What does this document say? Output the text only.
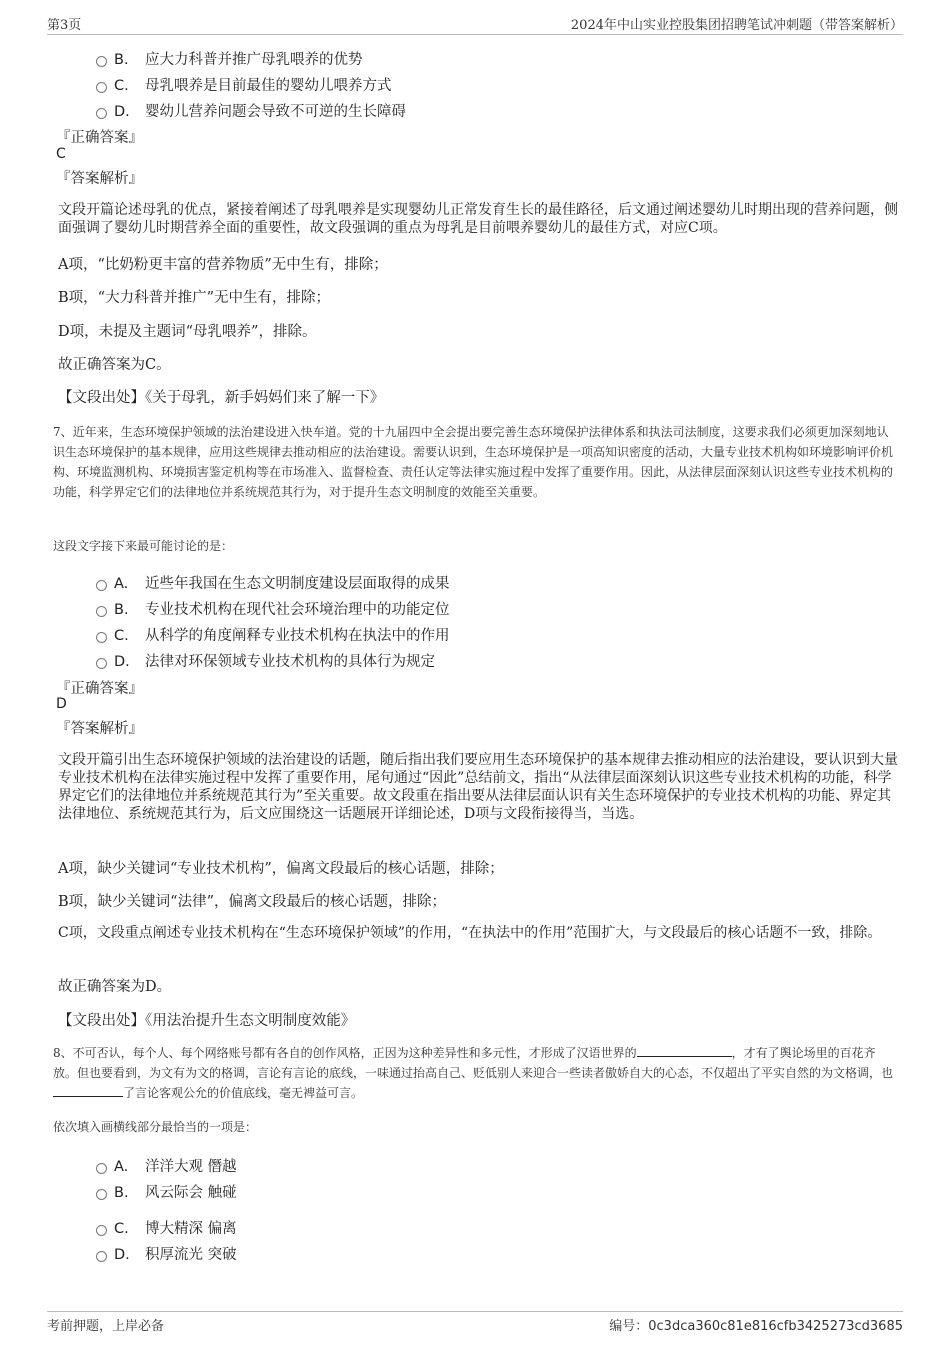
第3页	2024年中山实业控股集团招聘笔试冲刺题（带答案解析）
B. 应大力科普并推广母乳喂养的优势
C. 母乳喂养是目前最佳的婴幼儿喂养方式
D. 婴幼儿营养问题会导致不可逆的生长障碍
『正确答案』
C
『答案解析』
文段开篇论述母乳的优点，紧接着阐述了母乳喂养是实现婴幼儿正常发育生长的最佳路径，后文通过阐述婴幼儿时期出现的营养问题，侧面强调了婴幼儿时期营养全面的重要性，故文段强调的重点为母乳是目前喂养婴幼儿的最佳方式，对应C项。
A项，“比奶粉更丰富的营养物质”无中生有，排除；
B项，“大力科普并推广”无中生有，排除；
D项，未提及主题词“母乳喂养”，排除。
故正确答案为C。
【文段出处】《关于母乳，新手妈妈们来了解一下》
7、近年来，生态环境保护领域的法治建设进入快车道。党的十九届四中全会提出要完善生态环境保护法律体系和执法司法制度，这要求我们必须更加深刻地认识生态环境保护的基本规律，应用这些规律去推动相应的法治建设。需要认识到，生态环境保护是一项高知识密度的活动，大量专业技术机构如环境影响评价机构、环境监测机构、环境损害鉴定机构等在市场准入、监督检查、责任认定等法律实施过程中发挥了重要作用。因此，从法律层面深刻认识这些专业技术机构的功能，科学界定它们的法律地位并系统规范其行为，对于提升生态文明制度的效能至关重要。
这段文字接下来最可能讨论的是：
A. 近些年我国在生态文明制度建设层面取得的成果
B. 专业技术机构在现代社会环境治理中的功能定位
C. 从科学的角度阐释专业技术机构在执法中的作用
D. 法律对环保领域专业技术机构的具体行为规定
『正确答案』
D
『答案解析』
文段开篇引出生态环境保护领域的法治建设的话题，随后指出我们要应用生态环境保护的基本规律去推动相应的法治建设，要认识到大量专业技术机构在法律实施过程中发挥了重要作用，尾句通过“因此”总结前文，指出“从法律层面深刻认识这些专业技术机构的功能，科学界定它们的法律地位并系统规范其行为”至关重要。故文段重在指出要从法律层面认识有关生态环境保护的专业技术机构的功能、界定其法律地位、系统规范其行为，后文应围绕这一话题展开详细论述，D项与文段衔接得当，当选。
A项，缺少关键词“专业技术机构”，偏离文段最后的核心话题，排除；
B项，缺少关键词“法律”，偏离文段最后的核心话题，排除；
C项，文段重点阐述专业技术机构在“生态环境保护领域”的作用，“在执法中的作用”范围扩大，与文段最后的核心话题不一致，排除。
故正确答案为D。
【文段出处】《用法治提升生态文明制度效能》
8、不可否认，每个人、每个网络账号都有各自的创作风格，正因为这种差异性和多元性，才形成了汉语世界的	，才有了舆论场里的百花齐放。但也要看到，为文有为文的格调，言论有言论的底线，一味通过抬高自己、贬低别人来迎合一些读者傲娇自大的心态，不仅超出了平实自然的为文格调，也了言论客观公允的价值底线，毫无裨益可言。
依次填入画横线部分最恰当的一项是：
A. 洋洋大观 僭越
B. 风云际会 触碰
C. 博大精深 偏离
D. 积厚流光 突破
考前押题，上岸必备	编号：0c3dca360c81e816cfb3425273cd3685
